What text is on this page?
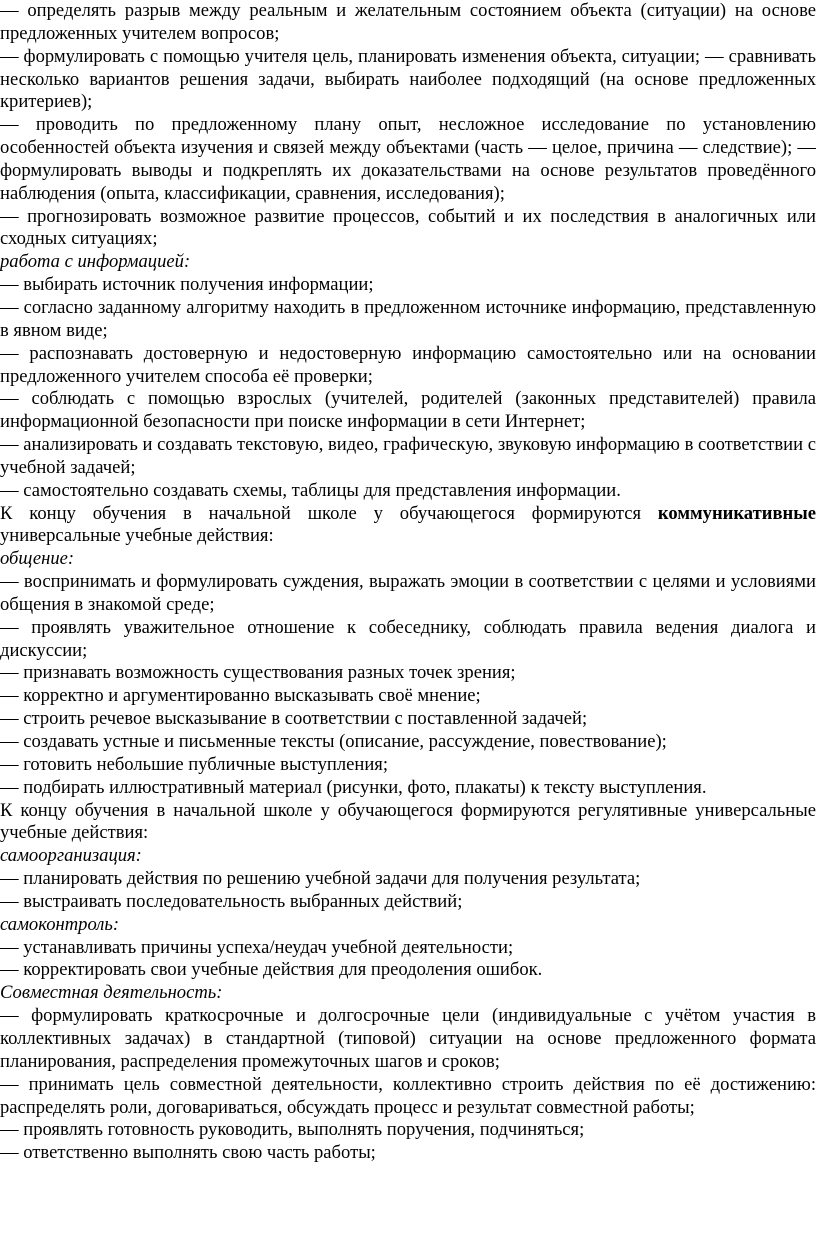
— определять разрыв между реальным и желательным состоянием объекта (ситуации) на основе предложенных учителем вопросов;

— формулировать с помощью учителя цель, планировать изменения объекта, ситуации; — сравнивать несколько вариантов решения задачи, выбирать наиболее подходящий (на основе предложенных критериев);

— проводить по предложенному плану опыт, несложное исследование по установлению особенностей объекта изучения и связей между объектами (часть — целое, причина — следствие); — формулировать выводы и подкреплять их доказательствами на основе результатов проведённого наблюдения (опыта, классификации, сравнения, исследования);

— прогнозировать возможное развитие процессов, событий и их последствия в аналогичных или сходных ситуациях;

работа с информацией:

— выбирать источник получения информации;

— согласно заданному алгоритму находить в предложенном источнике информацию, представленную в явном виде;

— распознавать достоверную и недостоверную информацию самостоятельно или на основании предложенного учителем способа её проверки;

— соблюдать с помощью взрослых (учителей, родителей (законных представителей) правила информационной безопасности при поиске информации в сети Интернет;

— анализировать и создавать текстовую, видео, графическую, звуковую информацию в соответствии с учебной задачей;

— самостоятельно создавать схемы, таблицы для представления информации.

К концу обучения в начальной школе у обучающегося формируются коммуникативные универсальные учебные действия:

общение:

— воспринимать и формулировать суждения, выражать эмоции в соответствии с целями и условиями общения в знакомой среде;

— проявлять уважительное отношение к собеседнику, соблюдать правила ведения диалога и дискуссии;

— признавать возможность существования разных точек зрения;

— корректно и аргументированно высказывать своё мнение;

— строить речевое высказывание в соответствии с поставленной задачей;

— создавать устные и письменные тексты (описание, рассуждение, повествование);

— готовить небольшие публичные выступления;

— подбирать иллюстративный материал (рисунки, фото, плакаты) к тексту выступления.

К концу обучения в начальной школе у обучающегося формируются регулятивные универсальные учебные действия:

самоорганизация:

— планировать действия по решению учебной задачи для получения результата;

— выстраивать последовательность выбранных действий;

самоконтроль:

— устанавливать причины успеха/неудач учебной деятельности;

— корректировать свои учебные действия для преодоления ошибок.

Совместная деятельность:

— формулировать краткосрочные и долгосрочные цели (индивидуальные с учётом участия в коллективных задачах) в стандартной (типовой) ситуации на основе предложенного формата планирования, распределения промежуточных шагов и сроков;

— принимать цель совместной деятельности, коллективно строить действия по её достижению: распределять роли, договариваться, обсуждать процесс и результат совместной работы;

— проявлять готовность руководить, выполнять поручения, подчиняться;

— ответственно выполнять свою часть работы;
